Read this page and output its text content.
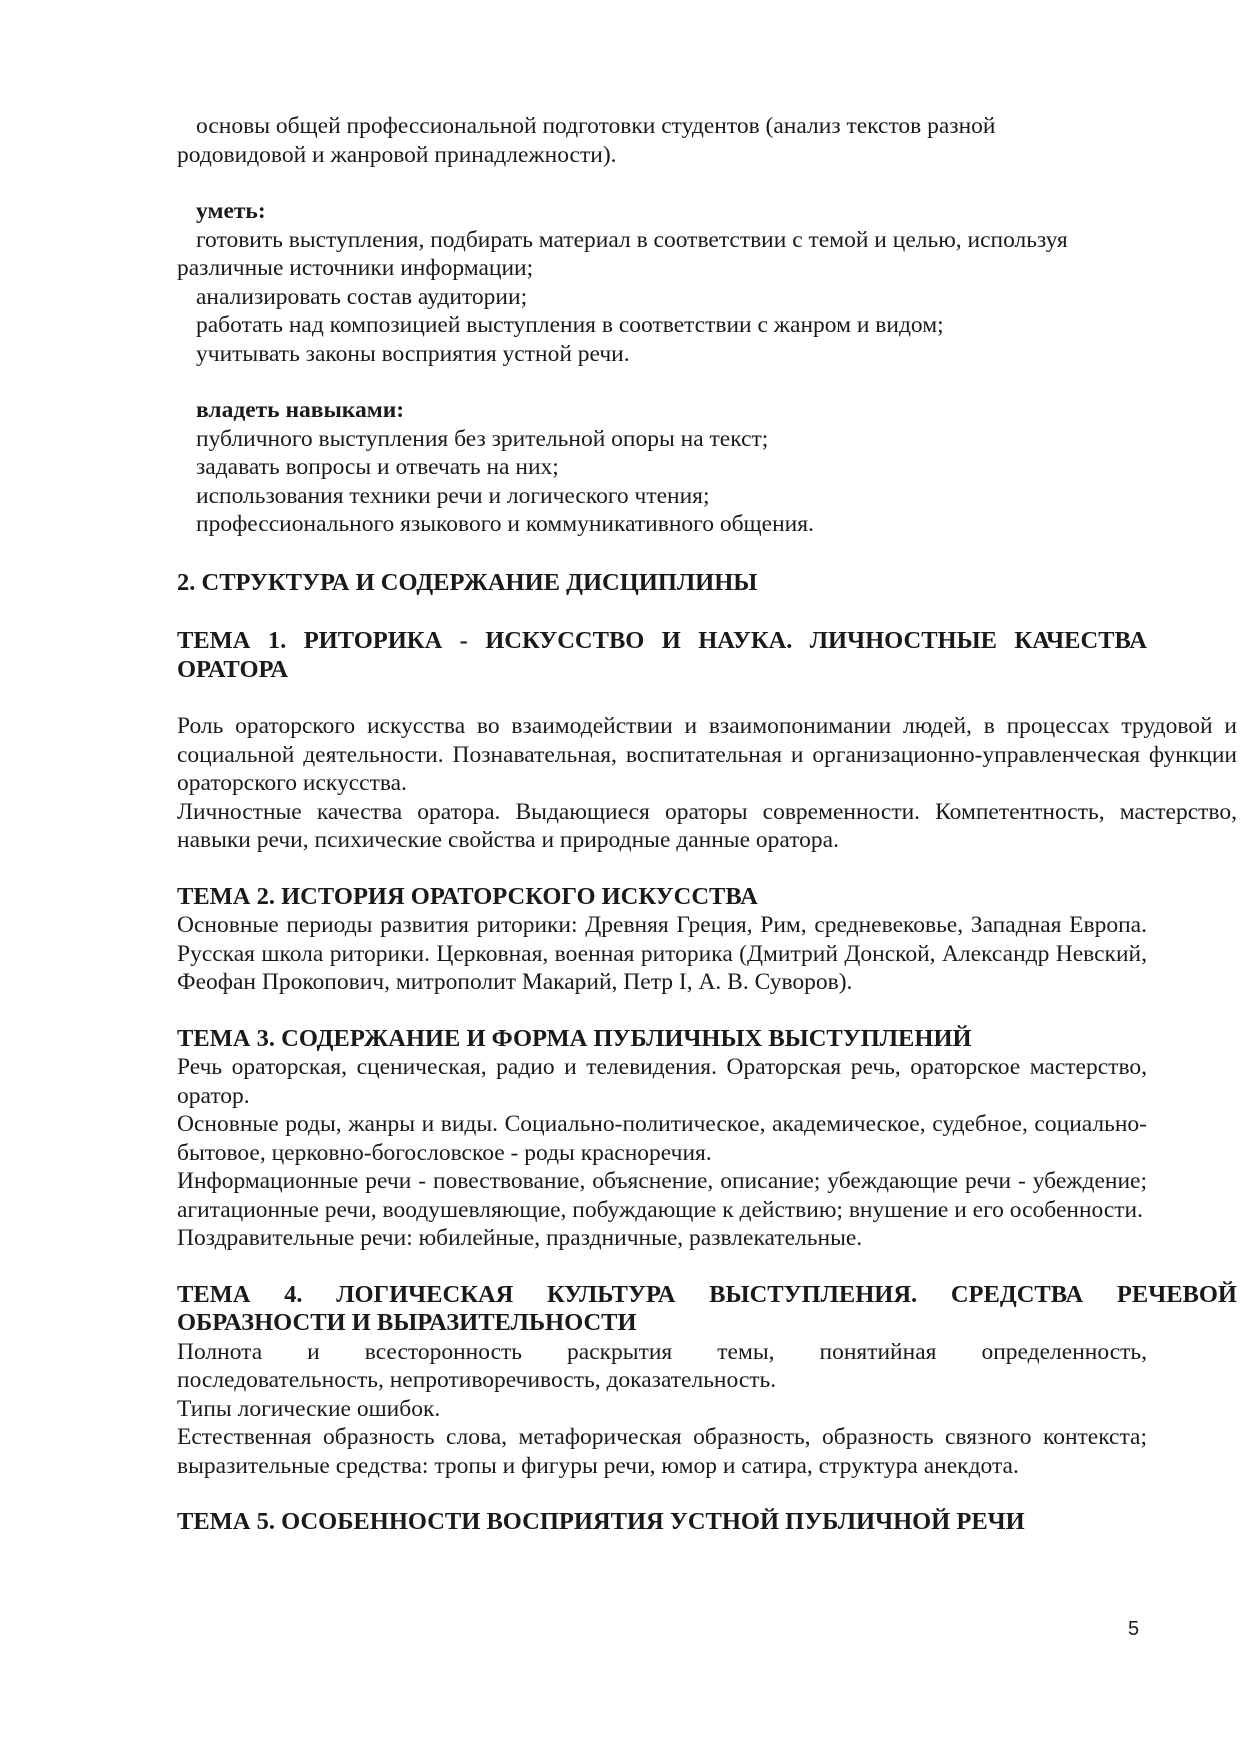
основы общей профессиональной подготовки студентов (анализ текстов разной
родовидовой и жанровой принадлежности).
уметь:
готовить выступления, подбирать материал в соответствии с темой и целью, используя
различные источники информации;
анализировать состав аудитории;
работать над композицией выступления в соответствии с жанром и видом;
учитывать законы восприятия устной речи.
владеть навыками:
публичного выступления без зрительной опоры на текст;
задавать вопросы и отвечать на них;
использования техники речи и логического чтения;
профессионального языкового и коммуникативного общения.
2. СТРУКТУРА И СОДЕРЖАНИЕ ДИСЦИПЛИНЫ
ТЕМА 1. РИТОРИКА - ИСКУССТВО И НАУКА. ЛИЧНОСТНЫЕ КАЧЕСТВА
ОРАТОРА
Роль ораторского искусства во взаимодействии и взаимопонимании людей, в процессах трудовой и социальной деятельности. Познавательная, воспитательная и организационно-управленческая функции ораторского искусства.
Личностные качества оратора. Выдающиеся ораторы современности. Компетентность, мастерство, навыки речи, психические свойства и природные данные оратора.
ТЕМА 2. ИСТОРИЯ ОРАТОРСКОГО ИСКУССТВА
Основные периоды развития риторики: Древняя Греция, Рим, средневековье, Западная Европа. Русская школа риторики. Церковная, военная риторика (Дмитрий Донской, Александр Невский, Феофан Прокопович, митрополит Макарий, Петр I, А. В. Суворов).
ТЕМА 3. СОДЕРЖАНИЕ И ФОРМА ПУБЛИЧНЫХ ВЫСТУПЛЕНИЙ
Речь ораторская, сценическая, радио и телевидения. Ораторская речь, ораторское мастерство, оратор.
Основные роды, жанры и виды. Социально-политическое, академическое, судебное, социально-бытовое, церковно-богословское - роды красноречия.
Информационные речи - повествование, объяснение, описание; убеждающие речи - убеждение; агитационные речи, воодушевляющие, побуждающие к действию; внушение и его особенности.
Поздравительные речи: юбилейные, праздничные, развлекательные.
ТЕМА 4. ЛОГИЧЕСКАЯ КУЛЬТУРА ВЫСТУПЛЕНИЯ. СРЕДСТВА РЕЧЕВОЙ
ОБРАЗНОСТИ И ВЫРАЗИТЕЛЬНОСТИ
Полнота и всесторонность раскрытия темы, понятийная определенность,
последовательность, непротиворечивость, доказательность.
Типы логические ошибок.
Естественная образность слова, метафорическая образность, образность связного контекста; выразительные средства: тропы и фигуры речи, юмор и сатира, структура анекдота.
ТЕМА 5. ОСОБЕННОСТИ ВОСПРИЯТИЯ УСТНОЙ ПУБЛИЧНОЙ РЕЧИ
5
